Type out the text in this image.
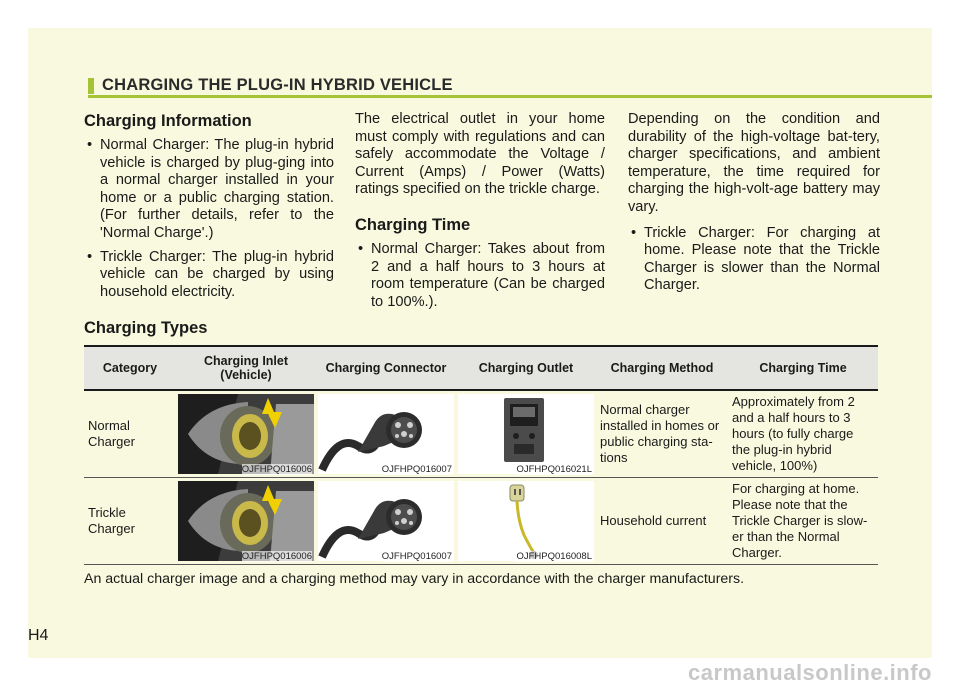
CHARGING THE PLUG-IN HYBRID VEHICLE
Charging Information
• Normal Charger: The plug-in hybrid vehicle is charged by plug-ging into a normal charger installed in your home or a public charging station. (For further details, refer to the 'Normal Charge'.)
• Trickle Charger: The plug-in hybrid vehicle can be charged by using household electricity.

The electrical outlet in your home must comply with regulations and can safely accommodate the Voltage / Current (Amps) / Power (Watts) ratings specified on the trickle charge.

Charging Time
• Normal Charger: Takes about from 2 and a half hours to 3 hours at room temperature (Can be charged to 100%.).

Depending on the condition and durability of the high-voltage bat-tery, charger specifications, and ambient temperature, the time required for charging the high-volt-age battery may vary.

• Trickle Charger: For charging at home. Please note that the Trickle Charger is slower than the Normal Charger.
Charging Types
Category	Charging Inlet (Vehicle)	Charging Connector	Charging Outlet	Charging Method	Charging Time
Normal Charger	OJFHPQ016006	OJFHPQ016007	OJFHPQ016021L	Normal charger installed in homes or public charging sta-tions	Approximately from 2 and a half hours to 3 hours (to fully charge the plug-in hybrid vehicle, 100%)
Trickle Charger	OJFHPQ016006	OJFHPQ016007	OJFHPQ016008L	Household current	For charging at home. Please note that the Trickle Charger is slow-er than the Normal Charger.
An actual charger image and a charging method may vary in accordance with the charger manufacturers.
H4
carmanualsonline.info
